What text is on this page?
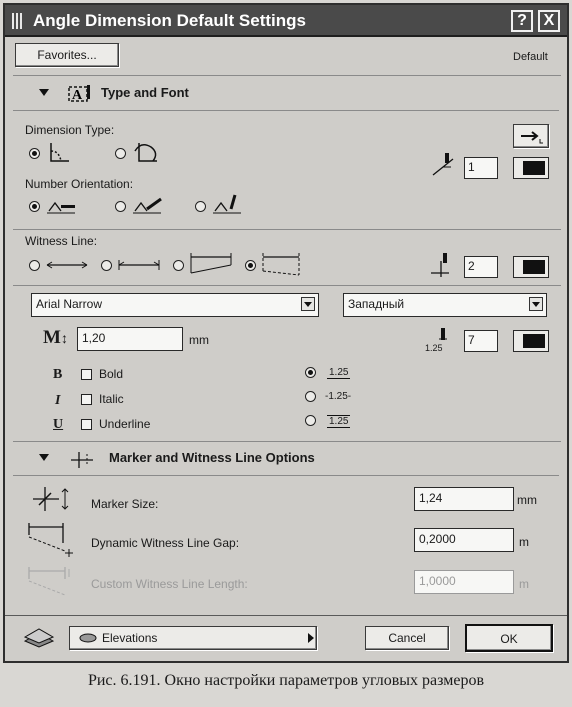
Angle Dimension Default Settings	?	X
Favorites...	Default
A Type and Font
Dimension Type:
1
Number Orientation:
Witness Line:
2
Arial Narrow	Западный
M↕	1,20	mm
1.25
7
B	Bold
I	Italic
U	Underline
1.25
-1.25-
1.25
Marker and Witness Line Options
Marker Size:	1,24	mm
Dynamic Witness Line Gap:	0,2000	m
Custom Witness Line Length:	1,0000	m
Elevations	Cancel	OK
Рис. 6.191. Окно настройки параметров угловых размеров
